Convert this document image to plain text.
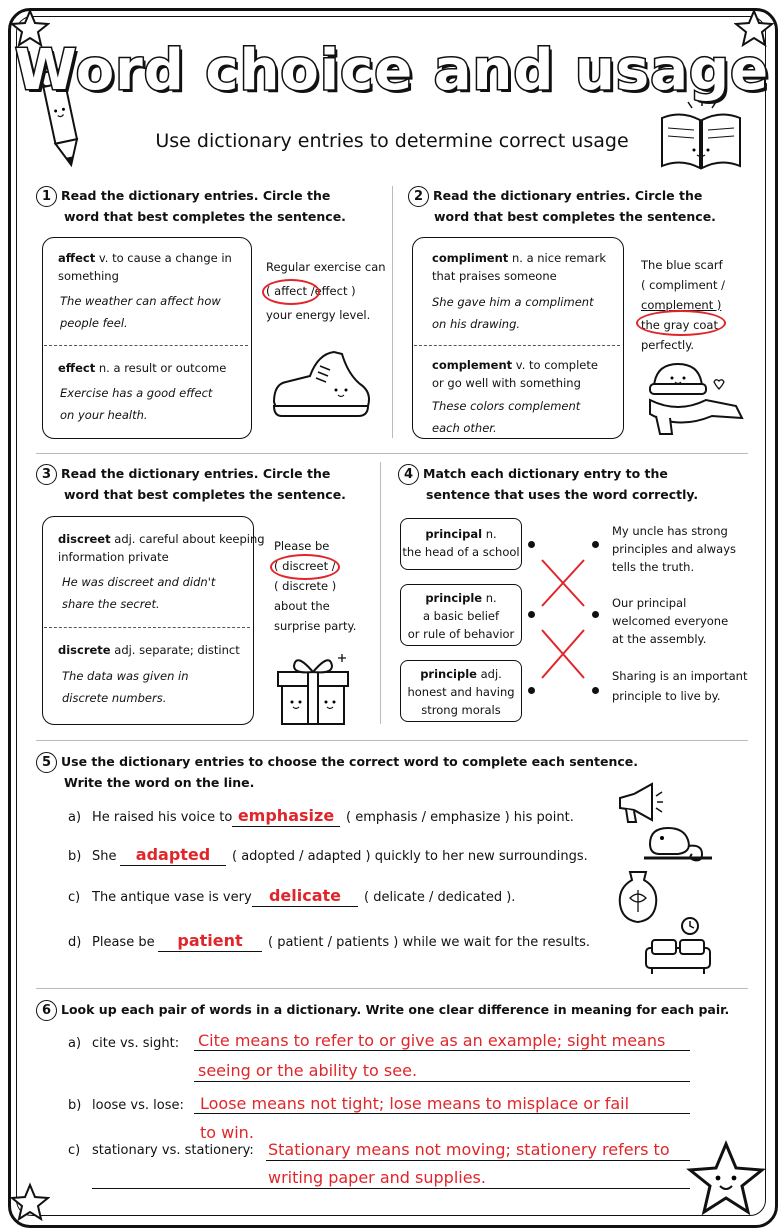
Word choice and usage
Use dictionary entries to determine correct usage
1 Read the dictionary entries. Circle the
word that best completes the sentence.
affect v. to cause a change in
something
The weather can affect how
people feel.
effect n. a result or outcome
Exercise has a good effect
on your health.
Regular exercise can
( affect /effect )
your energy level.
2 Read the dictionary entries. Circle the
word that best completes the sentence.
compliment n. a nice remark
that praises someone
She gave him a compliment
on his drawing.
complement v. to complete
or go well with something
These colors complement
each other.
The blue scarf
( compliment /
complement )
the gray coat
perfectly.
3 Read the dictionary entries. Circle the
word that best completes the sentence.
discreet adj. careful about keeping
information private
He was discreet and didn't
share the secret.
discrete adj. separate; distinct
The data was given in
discrete numbers.
Please be
( discreet /
( discrete )
about the
surprise party.
4 Match each dictionary entry to the
sentence that uses the word correctly.
principal n.
the head of a school
principle n.
a basic belief
or rule of behavior
principle adj.
honest and having
strong morals
My uncle has strong
principles and always
tells the truth.
Our principal
welcomed everyone
at the assembly.
Sharing is an important
principle to live by.
5 Use the dictionary entries to choose the correct word to complete each sentence.
Write the word on the line.
a) He raised his voice to emphasize ( emphasis / emphasize ) his point.
b) She	adapted	( adopted / adapted ) quickly to her new surroundings.
c) The antique vase is very	delicate	( delicate / dedicated ).
d) Please be	patient	( patient / patients ) while we wait for the results.
6 Look up each pair of words in a dictionary. Write one clear difference in meaning for each pair.
a) cite vs. sight: Cite means to refer to or give as an example; sight means
seeing or the ability to see.
b) loose vs. lose: Loose means not tight; lose means to misplace or fail
to win.
c) stationary vs. stationery: Stationary means not moving; stationery refers to
writing paper and supplies.
